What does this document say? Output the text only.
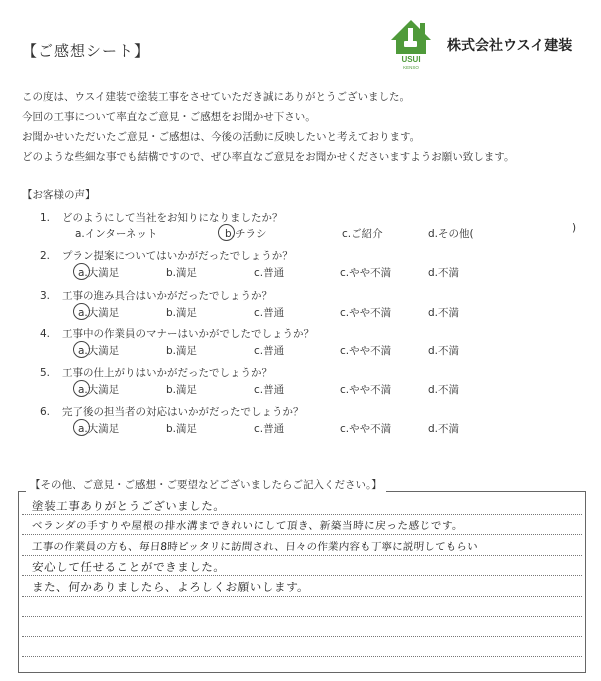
【ご感想シート】	USUI
KENSO
株式会社ウスイ建装
この度は、ウスイ建装で塗装工事をさせていただき誠にありがとうございました。
今回の工事について率直なご意見・ご感想をお聞かせ下さい。
お聞かせいただいたご意見・ご感想は、今後の活動に反映したいと考えております。
どのような些細な事でも結構ですので、ぜひ率直なご意見をお聞かせくださいますようお願い致します。
【お客様の声】
1. どのようにして当社をお知りになりましたか？
a.インターネット	b.チラシ	c.ご紹介	d.その他(	)
2. プラン提案についてはいかがだったでしょうか？
a.大満足	b.満足	c.普通	c.やや不満	d.不満
3. 工事の進み具合はいかがだったでしょうか？
a.大満足	b.満足	c.普通	c.やや不満	d.不満
4. 工事中の作業員のマナーはいかがでしたでしょうか？
a.大満足	b.満足	c.普通	c.やや不満	d.不満
5. 工事の仕上がりはいかがだったでしょうか？
a.大満足	b.満足	c.普通	c.やや不満	d.不満
6. 完了後の担当者の対応はいかがだったでしょうか？
a.大満足	b.満足	c.普通	c.やや不満	d.不満
【その他、ご意見・ご感想・ご要望などございましたらご記入ください。】
塗装工事ありがとうございました。
ベランダの手すりや屋根の排水溝まできれいにして頂き、新築当時に戻った感じです。
工事の作業員の方も、毎日8時ピッタリに訪問され、日々の作業内容も丁寧に説明してもらい
安心して任せることができました。
また、何かありましたら、よろしくお願いします。
